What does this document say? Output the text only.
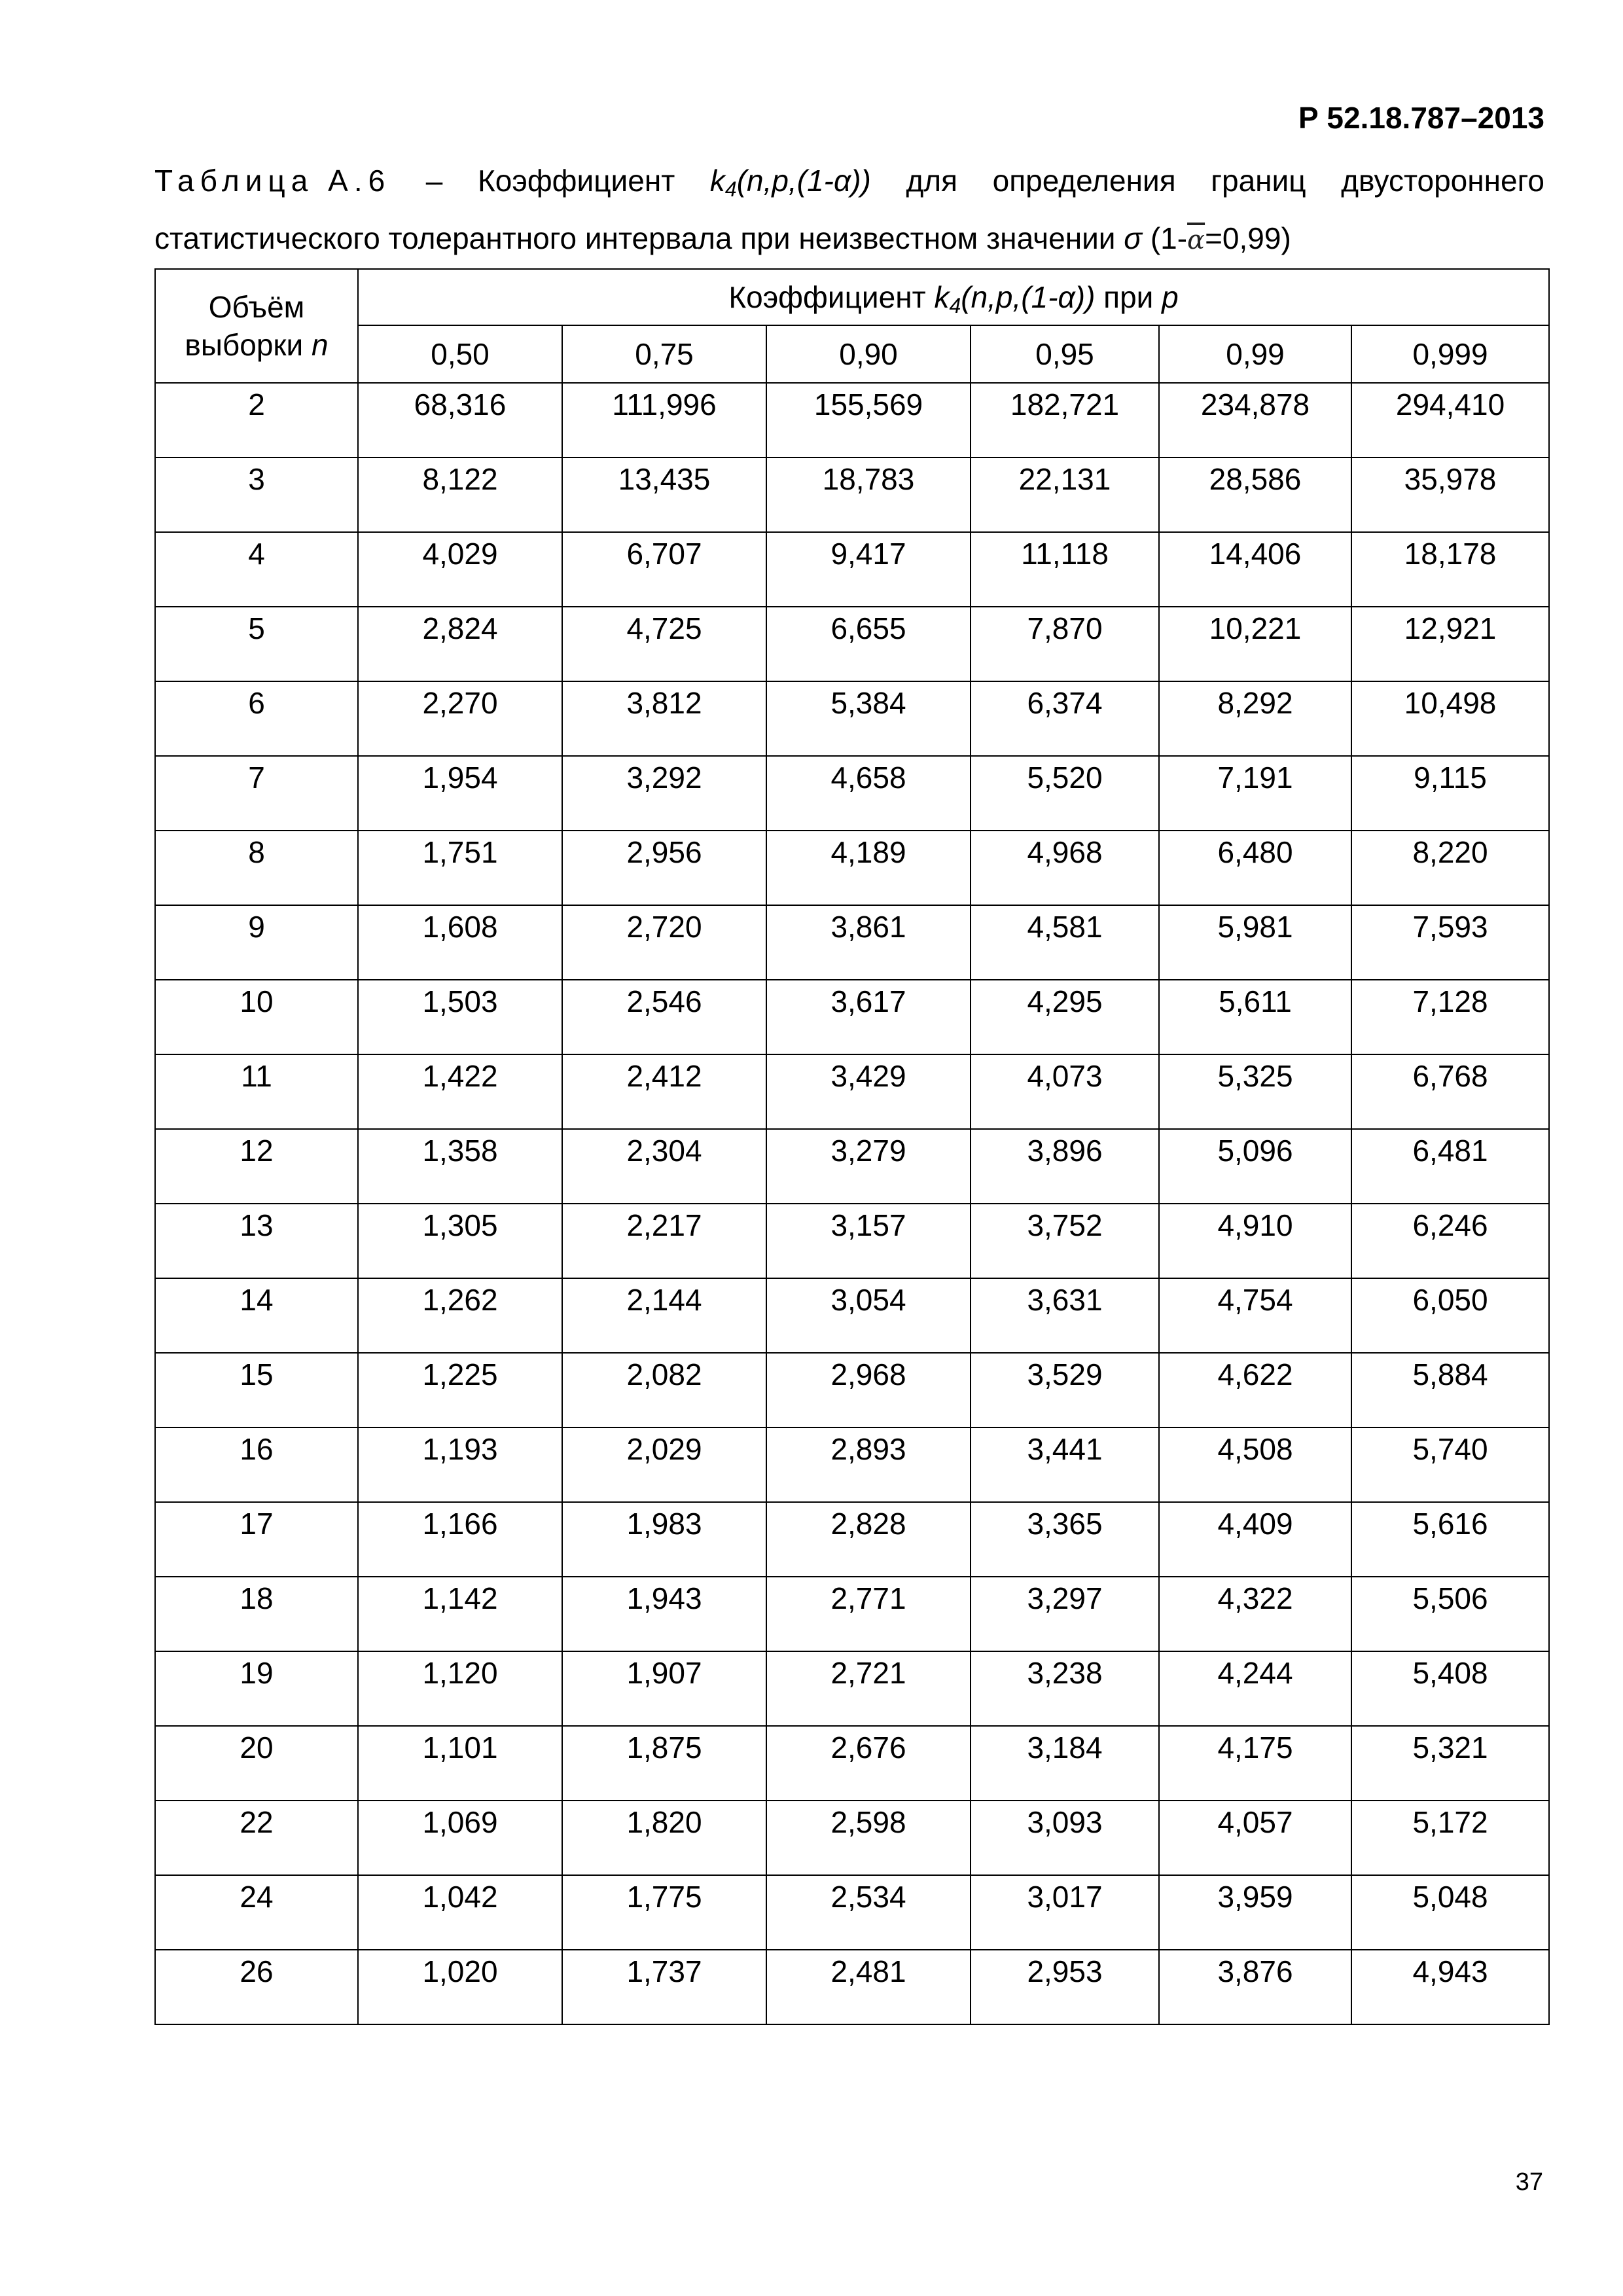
Р 52.18.787–2013
Таблица А.6 – Коэффициент $k_4(n,p,(1-\alpha))$ для определения границ двустороннего
статистического толерантного интервала при неизвестном значении σ $(1-\overline{\alpha}=0,99)$
Объём
выборки n	Коэффициент $k_4(n,p,(1-\alpha))$ при p					
	0,50	0,75	0,90	0,95	0,99	0,999
2	68,316	111,996	155,569	182,721	234,878	294,410
3	8,122	13,435	18,783	22,131	28,586	35,978
4	4,029	6,707	9,417	11,118	14,406	18,178
5	2,824	4,725	6,655	7,870	10,221	12,921
6	2,270	3,812	5,384	6,374	8,292	10,498
7	1,954	3,292	4,658	5,520	7,191	9,115
8	1,751	2,956	4,189	4,968	6,480	8,220
9	1,608	2,720	3,861	4,581	5,981	7,593
10	1,503	2,546	3,617	4,295	5,611	7,128
11	1,422	2,412	3,429	4,073	5,325	6,768
12	1,358	2,304	3,279	3,896	5,096	6,481
13	1,305	2,217	3,157	3,752	4,910	6,246
14	1,262	2,144	3,054	3,631	4,754	6,050
15	1,225	2,082	2,968	3,529	4,622	5,884
16	1,193	2,029	2,893	3,441	4,508	5,740
17	1,166	1,983	2,828	3,365	4,409	5,616
18	1,142	1,943	2,771	3,297	4,322	5,506
19	1,120	1,907	2,721	3,238	4,244	5,408
20	1,101	1,875	2,676	3,184	4,175	5,321
22	1,069	1,820	2,598	3,093	4,057	5,172
24	1,042	1,775	2,534	3,017	3,959	5,048
26	1,020	1,737	2,481	2,953	3,876	4,943
37
